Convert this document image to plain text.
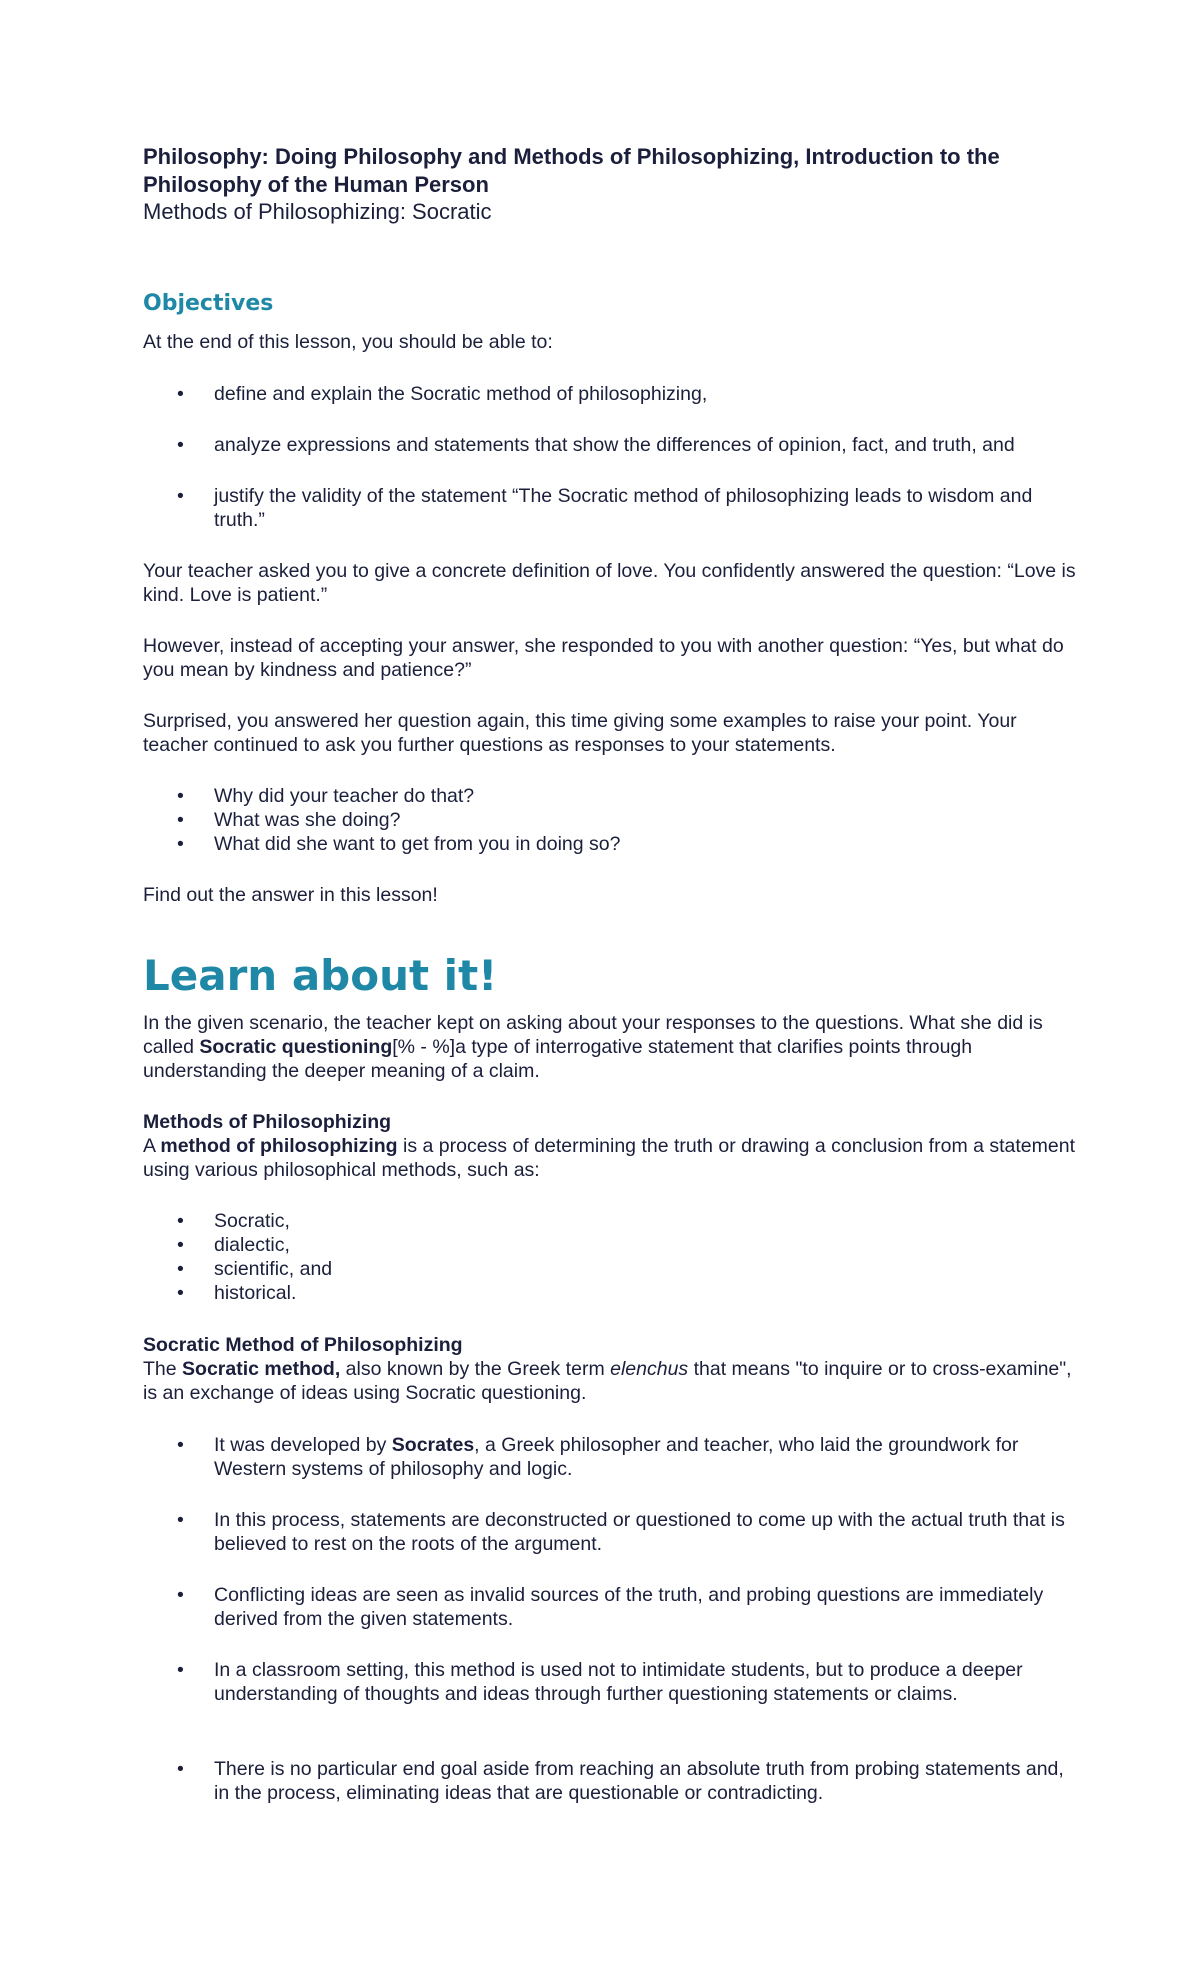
Philosophy: Doing Philosophy and Methods of Philosophizing, Introduction to the Philosophy of the Human Person

Methods of Philosophizing: Socratic

Objectives

At the end of this lesson, you should be able to:

• define and explain the Socratic method of philosophizing,
• analyze expressions and statements that show the differences of opinion, fact, and truth, and
• justify the validity of the statement “The Socratic method of philosophizing leads to wisdom and truth.”

Your teacher asked you to give a concrete definition of love. You confidently answered the question: “Love is kind. Love is patient.”

However, instead of accepting your answer, she responded to you with another question: “Yes, but what do you mean by kindness and patience?”

Surprised, you answered her question again, this time giving some examples to raise your point. Your teacher continued to ask you further questions as responses to your statements.

• Why did your teacher do that?
• What was she doing?
• What did she want to get from you in doing so?

Find out the answer in this lesson!

Learn about it!

In the given scenario, the teacher kept on asking about your responses to the questions. What she did is called Socratic questioning[% - %]a type of interrogative statement that clarifies points through understanding the deeper meaning of a claim.

Methods of Philosophizing

A method of philosophizing is a process of determining the truth or drawing a conclusion from a statement using various philosophical methods, such as:

• Socratic,
• dialectic,
• scientific, and
• historical.
Socratic Method of Philosophizing

The Socratic method, also known by the Greek term elenchus that means "to inquire or to cross-examine", is an exchange of ideas using Socratic questioning.

• It was developed by Socrates, a Greek philosopher and teacher, who laid the groundwork for Western systems of philosophy and logic.
• In this process, statements are deconstructed or questioned to come up with the actual truth that is believed to rest on the roots of the argument.
• Conflicting ideas are seen as invalid sources of the truth, and probing questions are immediately derived from the given statements.
• In a classroom setting, this method is used not to intimidate students, but to produce a deeper understanding of thoughts and ideas through further questioning statements or claims.
• There is no particular end goal aside from reaching an absolute truth from probing statements and, in the process, eliminating ideas that are questionable or contradicting.
